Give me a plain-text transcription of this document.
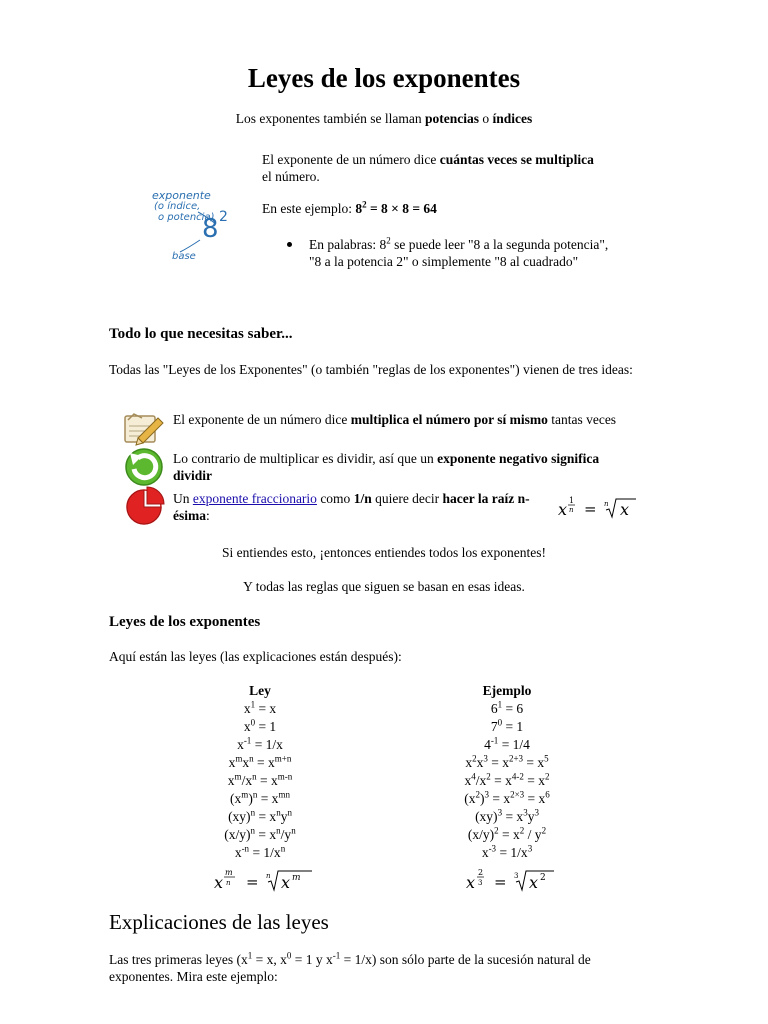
Leyes de los exponentes
Los exponentes también se llaman potencias o índices
exponente
(o índice,
o potencia)
8 2
base
El exponente de un número dice cuántas veces se multiplica el número.
En este ejemplo: $8^2 = 8 \times 8 = 64$
En palabras: $8^2$ se puede leer "8 a la segunda potencia", "8 a la potencia 2" o simplemente "8 al cuadrado"
Todo lo que necesitas saber...
Todas las "Leyes de los Exponentes" (o también "reglas de los exponentes") vienen de tres ideas:
El exponente de un número dice multiplica el número por sí mismo tantas veces
Lo contrario de multiplicar es dividir, así que un exponente negativo significa dividir
Un exponente fraccionario como 1/n quiere decir hacer la raíz n-ésima:	x 1
n = n x
Si entiendes esto, ¡entonces entiendes todos los exponentes!
Y todas las reglas que siguen se basan en esas ideas.
Leyes de los exponentes
Aquí están las leyes (las explicaciones están después):
Ley
$x^1 = x$
$x^0 = 1$
$x^{-1} = 1/x$
$x^mx^n = x^{m+n}$
$x^m/x^n = x^{m-n}$
$(x^m)^n = x^{mn}$
$(xy)^n = x^ny^n$
$(x/y)^n = x^n/y^n$
$x^{-n} = 1/x^n$
x
m
n = n x m
Ejemplo
$6^1 = 6$
$7^0 = 1$
$4^{-1} = 1/4$
$x^2x^3 = x^{2+3} = x^5$
$x^4/x^2 = x^{4-2} = x^2$
$(x^2)^3 = x^{2\times 3} = x^6$
$(xy)^3 = x^3y^3$
$(x/y)^2 = x^2 / y^2$
$x^{-3} = 1/x^3$
x
2
3 = 3 x 2
Explicaciones de las leyes
Las tres primeras leyes ($x^1 = x$, $x^0 = 1$ y $x^{-1} = 1/x$) son sólo parte de la sucesión natural de exponentes. Mira este ejemplo:
